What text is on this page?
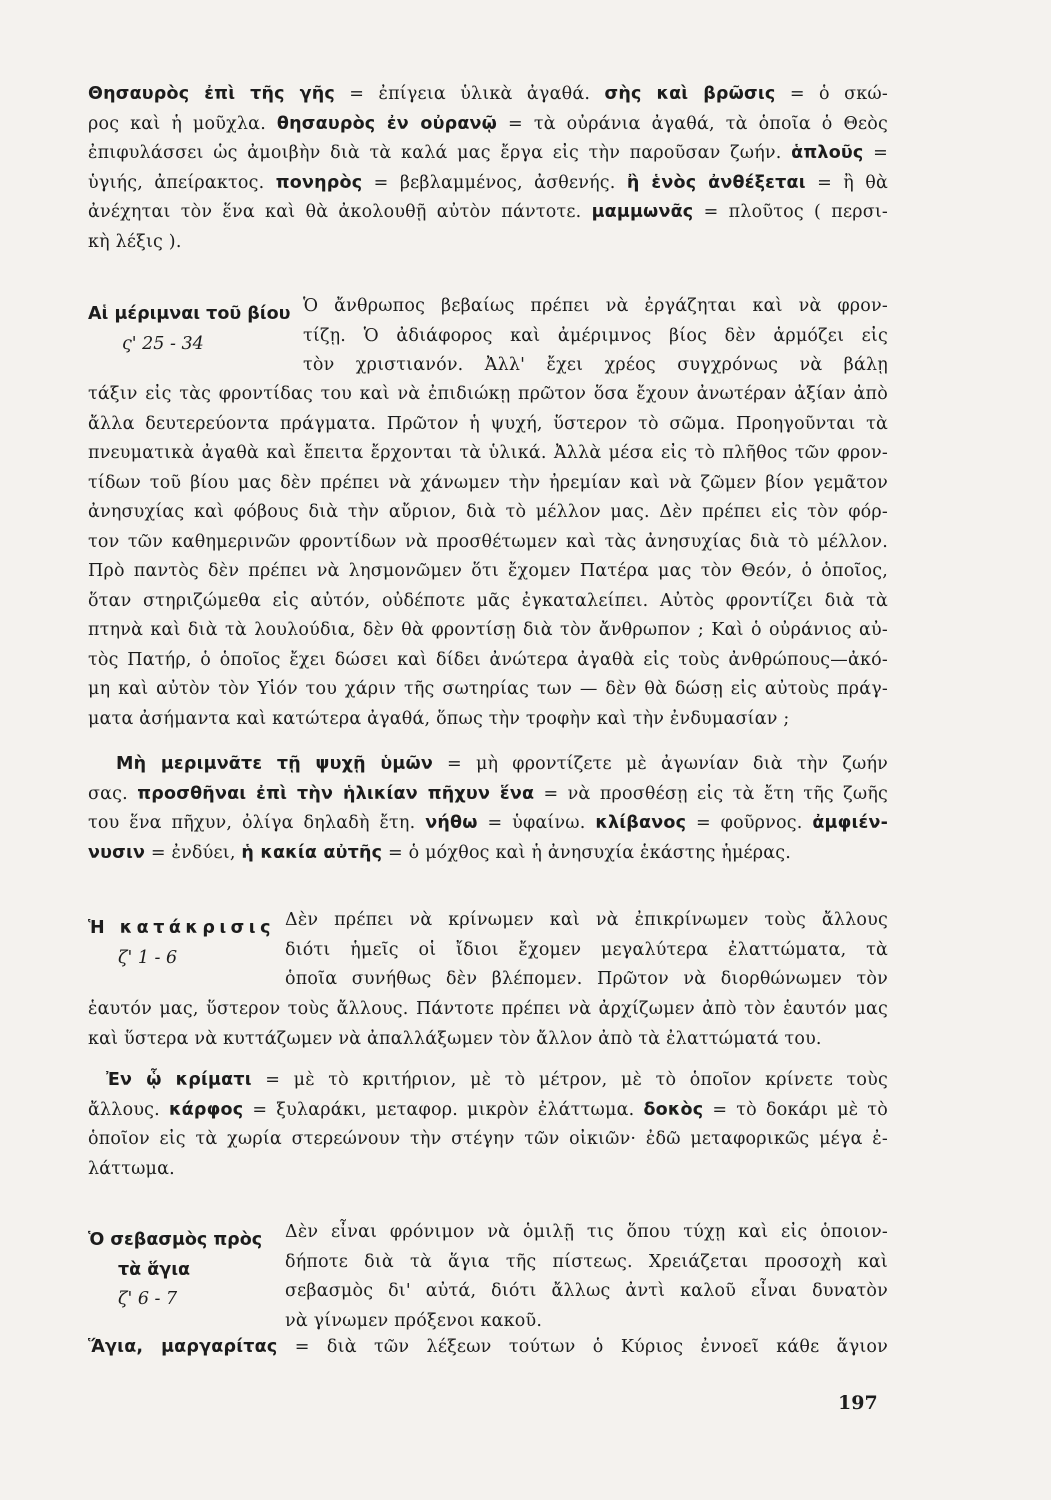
Θησαυρὸς ἐπὶ τῆς γῆς = ἐπίγεια ὑλικὰ ἀγαθά. σὴς καὶ βρῶσις = ὁ σκώ-
ρος καὶ ἡ μοῦχλα. θησαυρὸς ἐν οὐρανῷ = τὰ οὐράνια ἀγαθά, τὰ ὁποῖα ὁ Θεὸς
ἐπιφυλάσσει ὡς ἀμοιβὴν διὰ τὰ καλά μας ἔργα εἰς τὴν παροῦσαν ζωήν. ἁπλοῦς =
ὑγιής, ἀπείρακτος. πονηρὸς = βεβλαμμένος, ἀσθενής. ἢ ἑνὸς ἀνθέξεται = ἢ θὰ
ἀνέχηται τὸν ἕνα καὶ θὰ ἀκολουθῇ αὐτὸν πάντοτε. μαμμωνᾶς = πλοῦτος ( περσι-
κὴ λέξις ).
Αἱ μέριμναι τοῦ βίου
ς' 25 - 34
Ὁ ἄνθρωπος βεβαίως πρέπει νὰ ἐργάζηται καὶ νὰ φρον-
τίζῃ. Ὁ ἀδιάφορος καὶ ἀμέριμνος βίος δὲν ἁρμόζει εἰς
τὸν χριστιανόν. Ἀλλ' ἔχει χρέος συγχρόνως νὰ βάλῃ
τάξιν εἰς τὰς φροντίδας του καὶ νὰ ἐπιδιώκῃ πρῶτον ὅσα ἔχουν ἀνωτέραν ἀξίαν ἀπὸ
ἄλλα δευτερεύοντα πράγματα. Πρῶτον ἡ ψυχή, ὕστερον τὸ σῶμα. Προηγοῦνται τὰ
πνευματικὰ ἀγαθὰ καὶ ἔπειτα ἔρχονται τὰ ὑλικά. Ἀλλὰ μέσα εἰς τὸ πλῆθος τῶν φρον-
τίδων τοῦ βίου μας δὲν πρέπει νὰ χάνωμεν τὴν ἠρεμίαν καὶ νὰ ζῶμεν βίον γεμᾶτον
ἀνησυχίας καὶ φόβους διὰ τὴν αὔριον, διὰ τὸ μέλλον μας. Δὲν πρέπει εἰς τὸν φόρ-
τον τῶν καθημερινῶν φροντίδων νὰ προσθέτωμεν καὶ τὰς ἀνησυχίας διὰ τὸ μέλλον.
Πρὸ παντὸς δὲν πρέπει νὰ λησμονῶμεν ὅτι ἔχομεν Πατέρα μας τὸν Θεόν, ὁ ὁποῖος,
ὅταν στηριζώμεθα εἰς αὐτόν, οὐδέποτε μᾶς ἐγκαταλείπει. Αὐτὸς φροντίζει διὰ τὰ
πτηνὰ καὶ διὰ τὰ λουλούδια, δὲν θὰ φροντίσῃ διὰ τὸν ἄνθρωπον ; Καὶ ὁ οὐράνιος αὐ-
τὸς Πατήρ, ὁ ὁποῖος ἔχει δώσει καὶ δίδει ἀνώτερα ἀγαθὰ εἰς τοὺς ἀνθρώπους—ἀκό-
μη καὶ αὐτὸν τὸν Υἱόν του χάριν τῆς σωτηρίας των — δὲν θὰ δώσῃ εἰς αὐτοὺς πράγ-
ματα ἀσήμαντα καὶ κατώτερα ἀγαθά, ὅπως τὴν τροφὴν καὶ τὴν ἐνδυμασίαν ;
Μὴ μεριμνᾶτε τῇ ψυχῇ ὑμῶν = μὴ φροντίζετε μὲ ἀγωνίαν διὰ τὴν ζωήν
σας. προσθῆναι ἐπὶ τὴν ἡλικίαν πῆχυν ἕνα = νὰ προσθέσῃ εἰς τὰ ἔτη τῆς ζωῆς
του ἕνα πῆχυν, ὀλίγα δηλαδὴ ἔτη. νήθω = ὑφαίνω. κλίβανος = φοῦρνος. ἀμφιέν-
νυσιν = ἐνδύει, ἡ κακία αὐτῆς = ὁ μόχθος καὶ ἡ ἀνησυχία ἑκάστης ἡμέρας.
Ἡ κατάκρισις
ζ' 1 - 6
Δὲν πρέπει νὰ κρίνωμεν καὶ νὰ ἐπικρίνωμεν τοὺς ἄλλους
διότι ἡμεῖς οἱ ἴδιοι ἔχομεν μεγαλύτερα ἐλαττώματα, τὰ
ὁποῖα συνήθως δὲν βλέπομεν. Πρῶτον νὰ διορθώνωμεν τὸν
ἑαυτόν μας, ὕστερον τοὺς ἄλλους. Πάντοτε πρέπει νὰ ἀρχίζωμεν ἀπὸ τὸν ἑαυτόν μας
καὶ ὕστερα νὰ κυττάζωμεν νὰ ἀπαλλάξωμεν τὸν ἄλλον ἀπὸ τὰ ἐλαττώματά του.
Ἐν ᾧ κρίματι = μὲ τὸ κριτήριον, μὲ τὸ μέτρον, μὲ τὸ ὁποῖον κρίνετε τοὺς
ἄλλους. κάρφος = ξυλαράκι, μεταφορ. μικρὸν ἐλάττωμα. δοκὸς = τὸ δοκάρι μὲ τὸ
ὁποῖον εἰς τὰ χωρία στερεώνουν τὴν στέγην τῶν οἰκιῶν· ἐδῶ μεταφορικῶς μέγα ἐ-
λάττωμα.
Ὁ σεβασμὸς πρὸς
τὰ ἅγια
ζ' 6 - 7
Δὲν εἶναι φρόνιμον νὰ ὁμιλῇ τις ὅπου τύχῃ καὶ εἰς ὁποιον-
δήποτε διὰ τὰ ἅγια τῆς πίστεως. Χρειάζεται προσοχὴ καὶ
σεβασμὸς δι' αὐτά, διότι ἄλλως ἀντὶ καλοῦ εἶναι δυνατὸν
νὰ γίνωμεν πρόξενοι κακοῦ.
Ἅγια, μαργαρίτας = διὰ τῶν λέξεων τούτων ὁ Κύριος ἐννοεῖ κάθε ἅγιον
197
